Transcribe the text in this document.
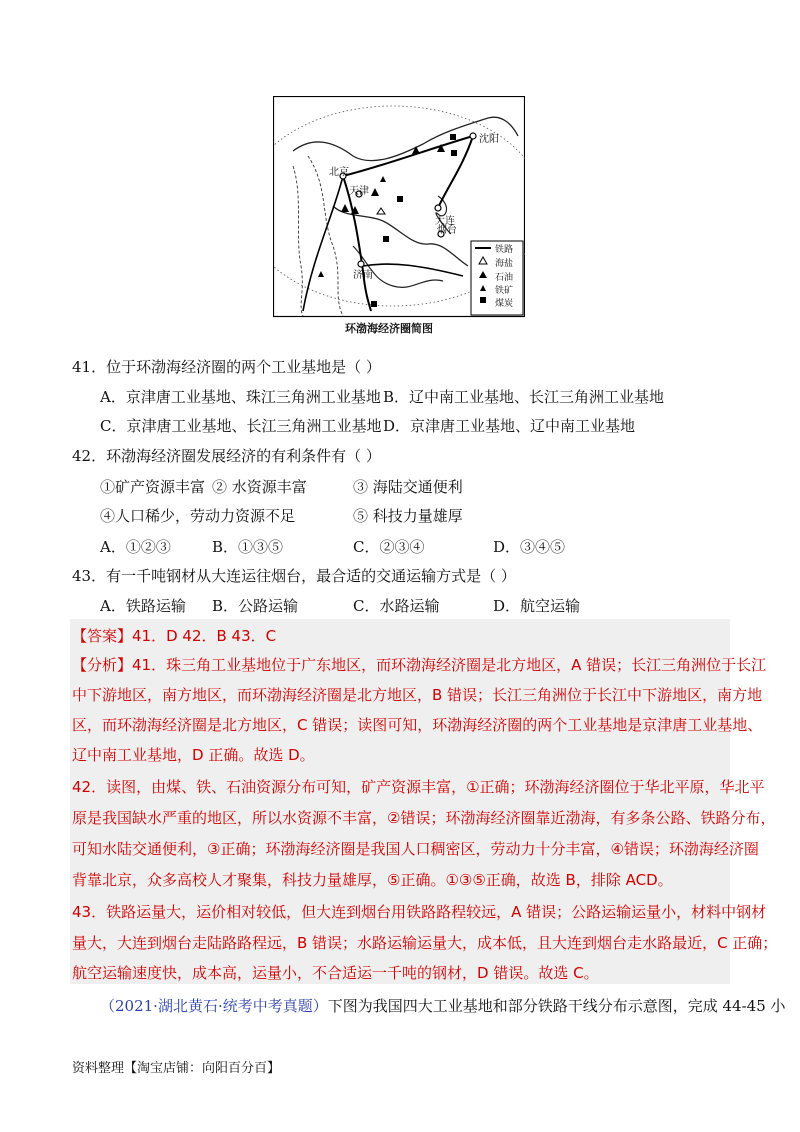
沈阳
北京
天津
大连
烟台
济南
铁路
海盐
石油
铁矿
煤炭
环渤海经济圈简图
41．位于环渤海经济圈的两个工业基地是（ ）
A．京津唐工业基地、珠江三角洲工业基地 B．辽中南工业基地、长江三角洲工业基地
C．京津唐工业基地、长江三角洲工业基地 D．京津唐工业基地、辽中南工业基地
42．环渤海经济圈发展经济的有利条件有（ ）
①矿产资源丰富 ② 水资源丰富	③ 海陆交通便利
④人口稀少，劳动力资源不足	⑤ 科技力量雄厚
A．①②③	B．①③⑤	C．②③④	D．③④⑤
43．有一千吨钢材从大连运往烟台，最合适的交通运输方式是（ ）
A．铁路运输 B．公路运输	C．水路运输	D．航空运输
【答案】41．D 42．B 43．C
【分析】41．珠三角工业基地位于广东地区，而环渤海经济圈是北方地区，A 错误；长江三角洲位于长江
中下游地区，南方地区，而环渤海经济圈是北方地区，B 错误；长江三角洲位于长江中下游地区，南方地
区，而环渤海经济圈是北方地区，C 错误；读图可知，环渤海经济圈的两个工业基地是京津唐工业基地、
辽中南工业基地，D 正确。故选 D。
42．读图，由煤、铁、石油资源分布可知，矿产资源丰富，①正确；环渤海经济圈位于华北平原，华北平
原是我国缺水严重的地区，所以水资源不丰富，②错误；环渤海经济圈靠近渤海，有多条公路、铁路分布，
可知水陆交通便利，③正确；环渤海经济圈是我国人口稠密区，劳动力十分丰富，④错误；环渤海经济圈
背靠北京，众多高校人才聚集，科技力量雄厚，⑤正确。①③⑤正确，故选 B，排除 ACD。
43．铁路运量大，运价相对较低，但大连到烟台用铁路路程较远，A 错误；公路运输运量小，材料中钢材
量大，大连到烟台走陆路路程远，B 错误；水路运输运量大，成本低，且大连到烟台走水路最近，C 正确；
航空运输速度快，成本高，运量小，不合适运一千吨的钢材，D 错误。故选 C。
（2021·湖北黄石·统考中考真题）下图为我国四大工业基地和部分铁路干线分布示意图，完成 44-45 小
资料整理【淘宝店铺：向阳百分百】
